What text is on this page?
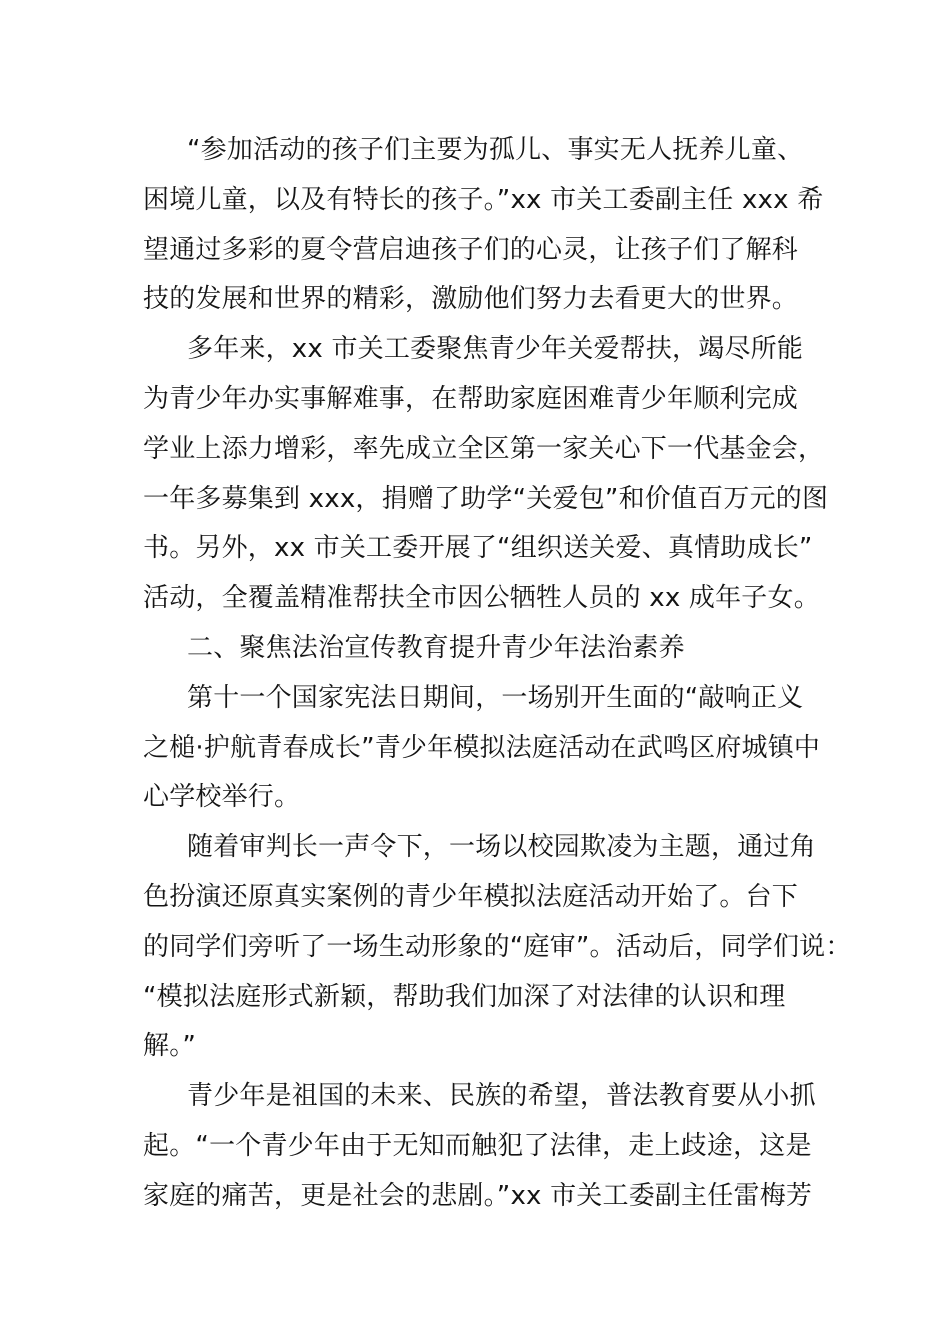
“参加活动的孩子们主要为孤儿、事实无人抚养儿童、
困境儿童，以及有特长的孩子。”xx 市关工委副主任 xxx 希
望通过多彩的夏令营启迪孩子们的心灵，让孩子们了解科
技的发展和世界的精彩，激励他们努力去看更大的世界。
多年来，xx 市关工委聚焦青少年关爱帮扶，竭尽所能
为青少年办实事解难事，在帮助家庭困难青少年顺利完成
学业上添力增彩，率先成立全区第一家关心下一代基金会，
一年多募集到 xxx，捐赠了助学“关爱包”和价值百万元的图
书。另外，xx 市关工委开展了“组织送关爱、真情助成长”
活动，全覆盖精准帮扶全市因公牺牲人员的 xx 成年子女。
二、聚焦法治宣传教育提升青少年法治素养
第十一个国家宪法日期间，一场别开生面的“敲响正义
之槌·护航青春成长”青少年模拟法庭活动在武鸣区府城镇中
心学校举行。
随着审判长一声令下，一场以校园欺凌为主题，通过角
色扮演还原真实案例的青少年模拟法庭活动开始了。台下
的同学们旁听了一场生动形象的“庭审”。活动后，同学们说：
“模拟法庭形式新颖，帮助我们加深了对法律的认识和理
解。”
青少年是祖国的未来、民族的希望，普法教育要从小抓
起。“一个青少年由于无知而触犯了法律，走上歧途，这是
家庭的痛苦，更是社会的悲剧。”xx 市关工委副主任雷梅芳
